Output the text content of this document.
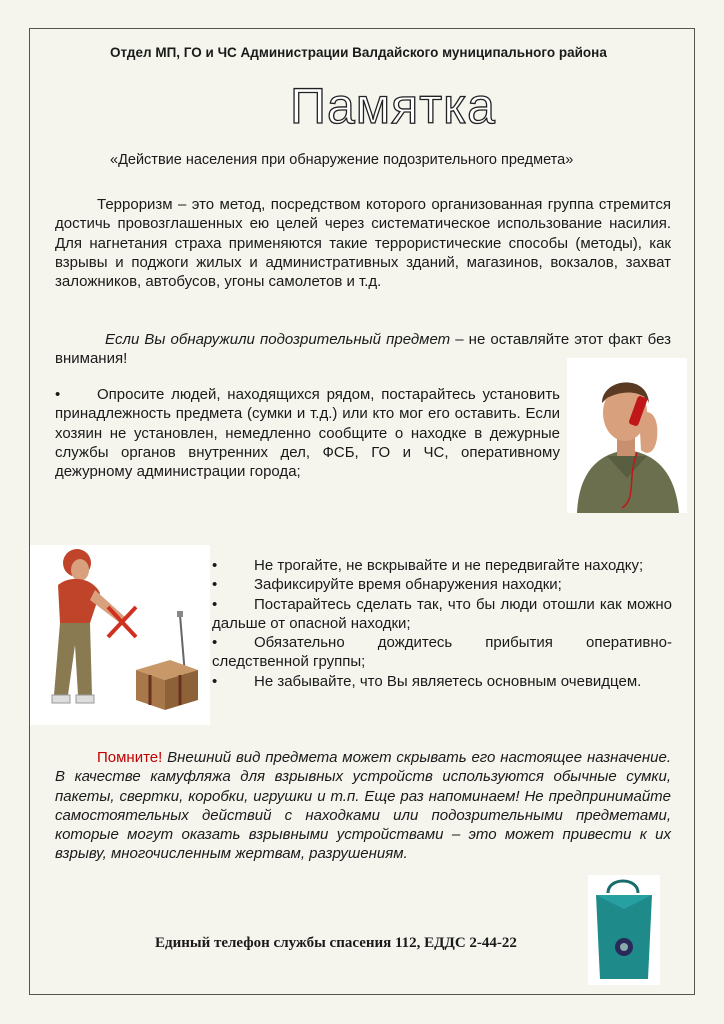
Отдел МП, ГО и ЧС Администрации Валдайского муниципального района
Памятка
«Действие населения при обнаружение подозрительного предмета»
Терроризм – это метод, посредством которого организованная группа стремится достичь провозглашенных ею целей через систематическое использование насилия. Для нагнетания страха применяются такие террористические способы (методы), как взрывы и поджоги жилых и административных зданий, магазинов, вокзалов, захват заложников, автобусов, угоны самолетов и т.д.
Если Вы обнаружили подозрительный предмет – не оставляйте этот факт без внимания!
• Опросите людей, находящихся рядом, постарайтесь установить принадлежность предмета (сумки и т.д.) или кто мог его оставить. Если хозяин не установлен, немедленно сообщите о находке в дежурные службы органов внутренних дел, ФСБ, ГО и ЧС, оперативному дежурному администрации города;
• Не трогайте, не вскрывайте и не передвигайте находку;
• Зафиксируйте время обнаружения находки;
• Постарайтесь сделать так, что бы люди отошли как можно дальше от опасной находки;
• Обязательно дождитесь прибытия оперативно-следственной группы;
• Не забывайте, что Вы являетесь основным очевидцем.
Помните! Внешний вид предмета может скрывать его настоящее назначение. В качестве камуфляжа для взрывных устройств используются обычные сумки, пакеты, свертки, коробки, игрушки и т.п. Еще раз напоминаем! Не предпринимайте самостоятельных действий с находками или подозрительными предметами, которые могут оказать взрывными устройствами – это может привести к их взрыву, многочисленным жертвам, разрушениям.
Единый телефон службы спасения 112, ЕДДС 2-44-22
